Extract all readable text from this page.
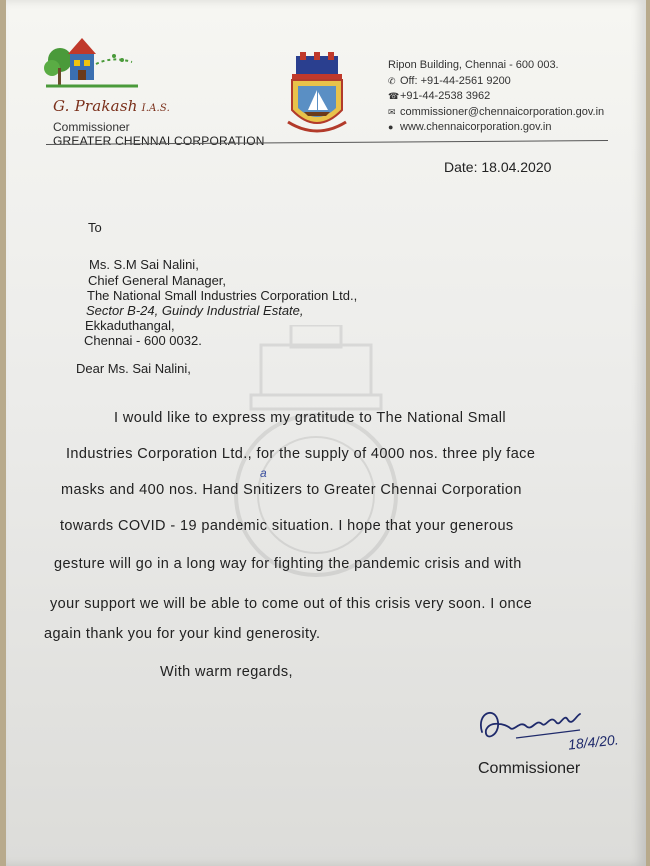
G. Prakash I.A.S.
Commissioner
GREATER CHENNAI CORPORATION
Ripon Building, Chennai - 600 003.
✆ Off: +91-44-2561 9200
☎+91-44-2538 3962
✉ commissioner@chennaicorporation.gov.in
● www.chennaicorporation.gov.in
Date: 18.04.2020
To
Ms. S.M Sai Nalini,
Chief General Manager,
The National Small Industries Corporation Ltd.,
Sector B-24, Guindy Industrial Estate,
Ekkaduthangal,
Chennai - 600 0032.
Dear Ms. Sai Nalini,
I would like to express my gratitude to The National Small
Industries Corporation Ltd., for the supply of 4000 nos. three ply face
masks and 400 nos. Hand Snitizers to Greater Chennai Corporation
a
towards COVID - 19 pandemic situation. I hope that your generous
gesture will go in a long way for fighting the pandemic crisis and with
your support we will be able to come out of this crisis very soon. I once
again thank you for your kind generosity.
With warm regards,
18/4/20.
Commissioner
